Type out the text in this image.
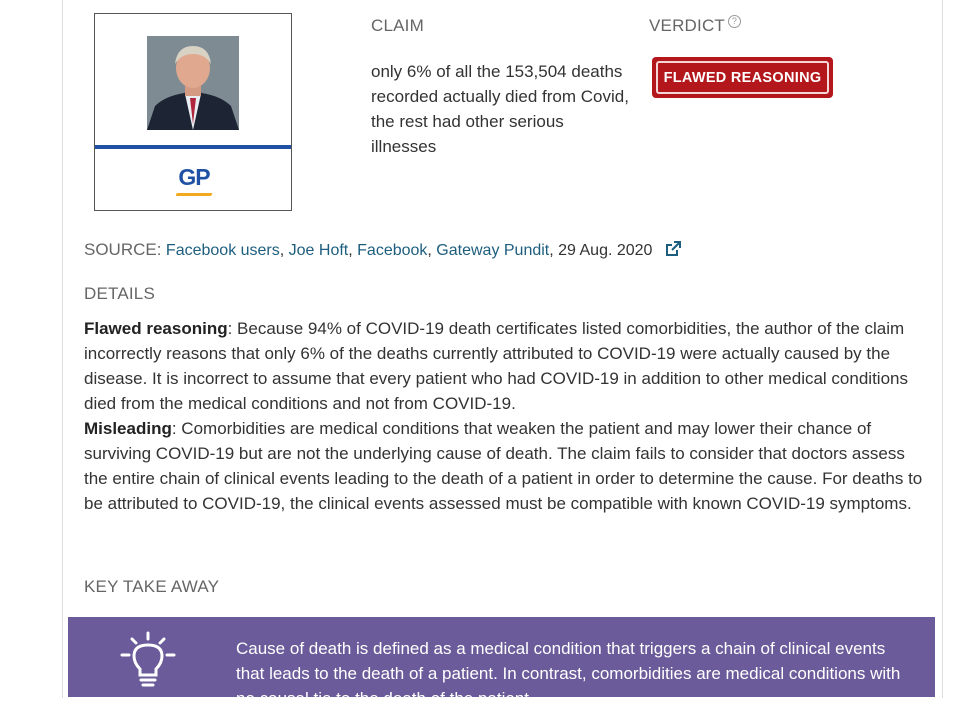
GP
CLAIM
only 6% of all the 153,504 deaths recorded actually died from Covid, the rest had other serious illnesses
VERDICT ?
FLAWED REASONING
SOURCE: Facebook users, Joe Hoft, Facebook, Gateway Pundit, 29 Aug. 2020
DETAILS
Flawed reasoning: Because 94% of COVID-19 death certificates listed comorbidities, the author of the claim incorrectly reasons that only 6% of the deaths currently attributed to COVID-19 were actually caused by the disease. It is incorrect to assume that every patient who had COVID-19 in addition to other medical conditions died from the medical conditions and not from COVID-19.
Misleading: Comorbidities are medical conditions that weaken the patient and may lower their chance of surviving COVID-19 but are not the underlying cause of death. The claim fails to consider that doctors assess the entire chain of clinical events leading to the death of a patient in order to determine the cause. For deaths to be attributed to COVID-19, the clinical events assessed must be compatible with known COVID-19 symptoms.
KEY TAKE AWAY
Cause of death is defined as a medical condition that triggers a chain of clinical events that leads to the death of a patient. In contrast, comorbidities are medical conditions with no causal tie to the death of the patient.
